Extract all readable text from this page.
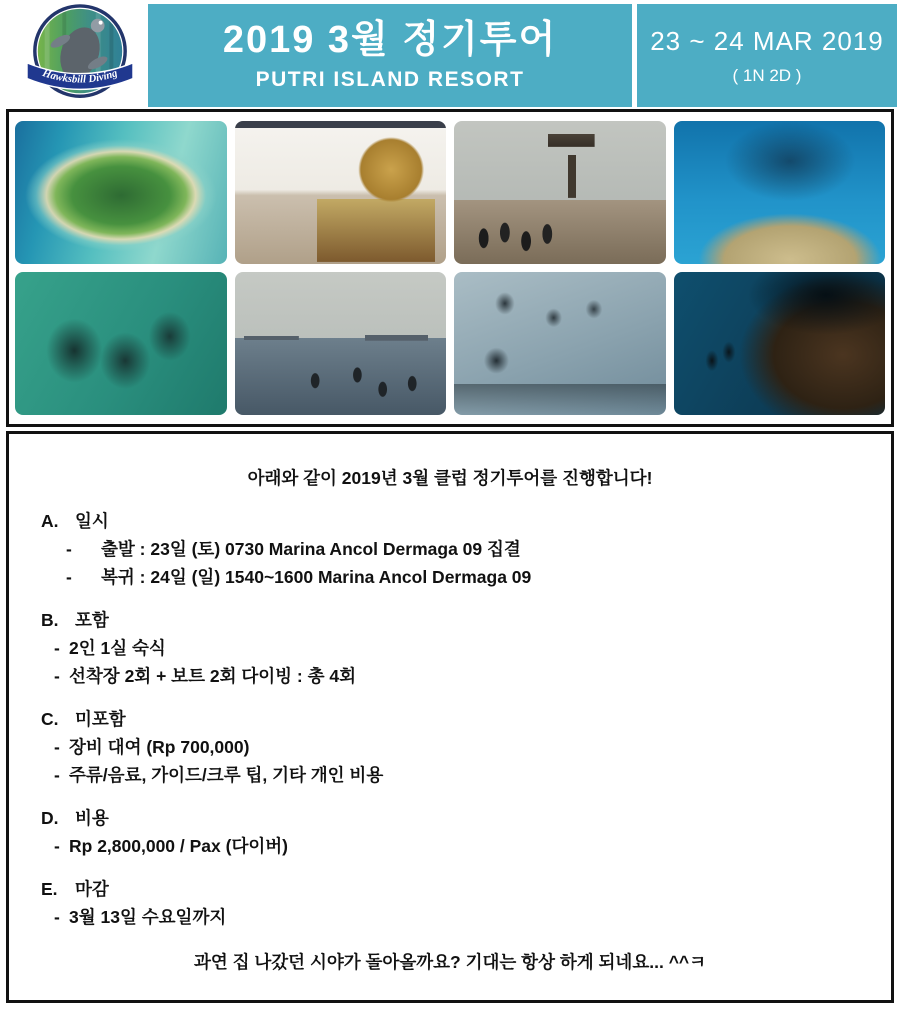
Hawksbill Diving
2019 3월 정기투어
PUTRI ISLAND RESORT
23 ~ 24 MAR 2019
( 1N 2D )
아래와 같이 2019년 3월 클럽 정기투어를 진행합니다!
A. 일시
- 출발 : 23일 (토) 0730 Marina Ancol Dermaga 09 집결
- 복귀 : 24일 (일) 1540~1600 Marina Ancol Dermaga 09
B. 포함
- 2인 1실 숙식
- 선착장 2회 + 보트 2회 다이빙 : 총 4회
C. 미포함
- 장비 대여 (Rp 700,000)
- 주류/음료, 가이드/크루 팁, 기타 개인 비용
D. 비용
- Rp 2,800,000 / Pax (다이버)
E. 마감
- 3월 13일 수요일까지
과연 집 나갔던 시야가 돌아올까요? 기대는 항상 하게 되네요... ^^ㅋ
